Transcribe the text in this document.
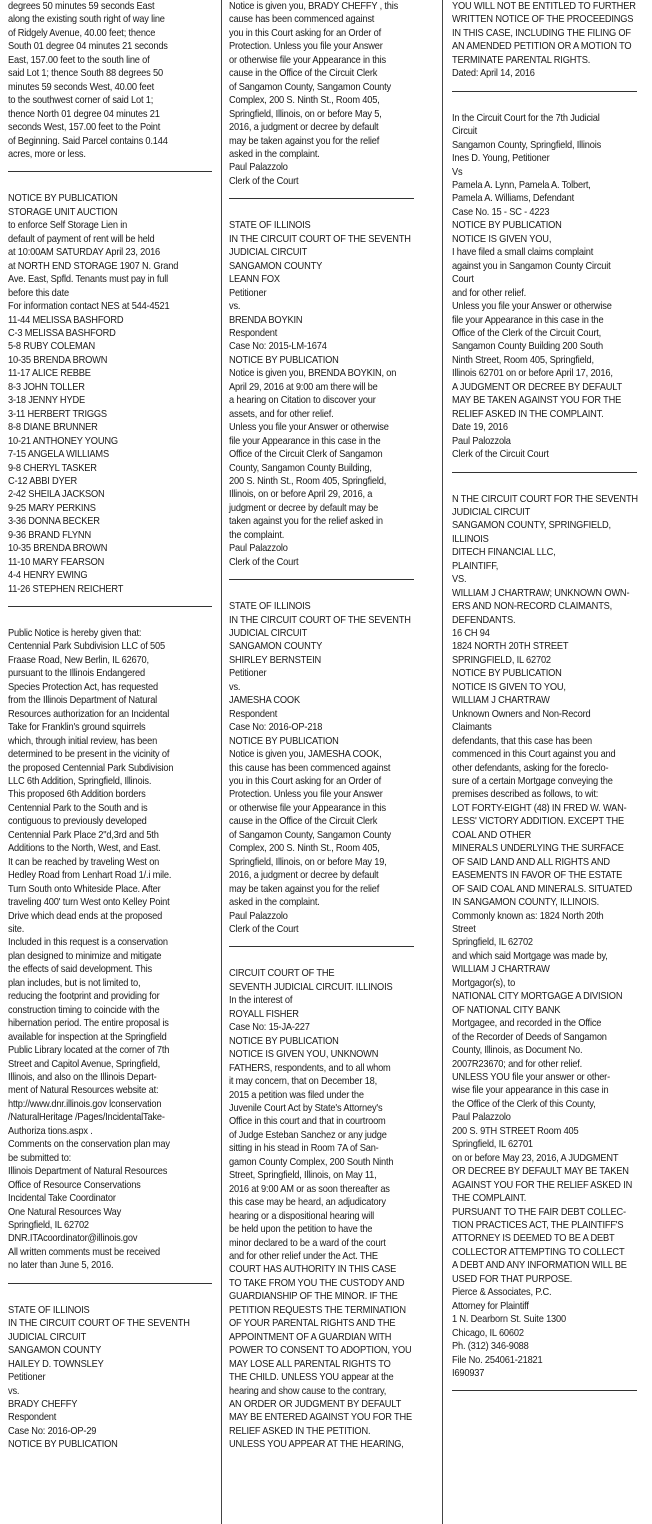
degrees 50 minutes 59 seconds East
along the existing south right of way line
of Ridgely Avenue, 40.00 feet; thence
South 01 degree 04 minutes 21 seconds
East, 157.00 feet to the south line of
said Lot 1; thence South 88 degrees 50
minutes 59 seconds West, 40.00 feet
to the southwest corner of said Lot 1;
thence North 01 degree 04 minutes 21
seconds West, 157.00 feet to the Point
of Beginning. Said Parcel contains 0.144
acres, more or less.
NOTICE BY PUBLICATION
STORAGE UNIT AUCTION
to enforce Self Storage Lien in
default of payment of rent will be held
at 10:00AM SATURDAY April 23, 2016
at NORTH END STORAGE 1907 N. Grand
Ave. East, Spfld. Tenants must pay in full
before this date
For information contact NES at 544-4521
11-44 MELISSA BASHFORD
C-3 MELISSA BASHFORD
5-8 RUBY COLEMAN
10-35 BRENDA BROWN
11-17 ALICE REBBE
8-3 JOHN TOLLER
3-18 JENNY HYDE
3-11 HERBERT TRIGGS
8-8 DIANE BRUNNER
10-21 ANTHONEY YOUNG
7-15 ANGELA WILLIAMS
9-8 CHERYL TASKER
C-12 ABBI DYER
2-42 SHEILA JACKSON
9-25 MARY PERKINS
3-36 DONNA BECKER
9-36 BRAND FLYNN
10-35 BRENDA BROWN
11-10 MARY FEARSON
4-4 HENRY EWING
11-26 STEPHEN REICHERT
Public Notice is hereby given that:
Centennial Park Subdivision LLC of 505
Fraase Road, New Berlin, IL 62670,
pursuant to the Illinois Endangered
Species Protection Act, has requested
from the Illinois Department of Natural
Resources authorization for an Incidental
Take for Franklin's ground squirrels
which, through initial review, has been
determined to be present in the vicinity of
the proposed Centennial Park Subdivision
LLC 6th Addition, Springfield, Illinois.
This proposed 6th Addition borders
Centennial Park to the South and is
contiguous to previously developed
Centennial Park Place 2"d,3rd and 5th
Additions to the North, West, and East.
It can be reached by traveling West on
Hedley Road from Lenhart Road 1/.i mile.
Turn South onto Whiteside Place. After
traveling 400' turn West onto Kelley Point
Drive which dead ends at the proposed
site.
Included in this request is a conservation
plan designed to minimize and mitigate
the effects of said development. This
plan includes, but is not limited to,
reducing the footprint and providing for
construction timing to coincide with the
hibernation period. The entire proposal is
available for inspection at the Springfield
Public Library located at the corner of 7th
Street and Capitol Avenue, Springfield,
Illinois, and also on the Illinois Depart-
ment of Natural Resources website at:
http://www.dnr.illinois.gov lconservation
/NaturalHeritage /Pages/IncidentalTake-
Authoriza tions.aspx .
Comments on the conservation plan may
be submitted to:
Illinois Department of Natural Resources
Office of Resource Conservations
Incidental Take Coordinator
One Natural Resources Way
Springfield, IL 62702
DNR.ITAcoordinator@illinois.gov
All written comments must be received
no later than June 5, 2016.
STATE OF ILLINOIS
IN THE CIRCUIT COURT OF THE SEVENTH
JUDICIAL CIRCUIT
SANGAMON COUNTY
HAILEY D. TOWNSLEY
Petitioner
vs.
BRADY CHEFFY
Respondent
Case No: 2016-OP-29
NOTICE BY PUBLICATION
Notice is given you, BRADY CHEFFY , this
cause has been commenced against
you in this Court asking for an Order of
Protection. Unless you file your Answer
or otherwise file your Appearance in this
cause in the Office of the Circuit Clerk
of Sangamon County, Sangamon County
Complex, 200 S. Ninth St., Room 405,
Springfield, Illinois, on or before May 5,
2016, a judgment or decree by default
may be taken against you for the relief
asked in the complaint.
Paul Palazzolo
Clerk of the Court
STATE OF ILLINOIS
IN THE CIRCUIT COURT OF THE SEVENTH
JUDICIAL CIRCUIT
SANGAMON COUNTY
LEANN FOX
Petitioner
vs.
BRENDA BOYKIN
Respondent
Case No: 2015-LM-1674
NOTICE BY PUBLICATION
Notice is given you, BRENDA BOYKIN, on
April 29, 2016 at 9:00 am there will be
a hearing on Citation to discover your
assets, and for other relief.
Unless you file your Answer or otherwise
file your Appearance in this case in the
Office of the Circuit Clerk of Sangamon
County, Sangamon County Building,
200 S. Ninth St., Room 405, Springfield,
Illinois, on or before April 29, 2016, a
judgment or decree by default may be
taken against you for the relief asked in
the complaint.
Paul Palazzolo
Clerk of the Court
STATE OF ILLINOIS
IN THE CIRCUIT COURT OF THE SEVENTH
JUDICIAL CIRCUIT
SANGAMON COUNTY
SHIRLEY BERNSTEIN
Petitioner
vs.
JAMESHA COOK
Respondent
Case No: 2016-OP-218
NOTICE BY PUBLICATION
Notice is given you, JAMESHA COOK,
this cause has been commenced against
you in this Court asking for an Order of
Protection. Unless you file your Answer
or otherwise file your Appearance in this
cause in the Office of the Circuit Clerk
of Sangamon County, Sangamon County
Complex, 200 S. Ninth St., Room 405,
Springfield, Illinois, on or before May 19,
2016, a judgment or decree by default
may be taken against you for the relief
asked in the complaint.
Paul Palazzolo
Clerk of the Court
CIRCUIT COURT OF THE
SEVENTH JUDICIAL CIRCUIT. ILLINOIS
In the interest of
ROYALL FISHER
Case No: 15-JA-227
NOTICE BY PUBLICATION
NOTICE IS GIVEN YOU, UNKNOWN
FATHERS, respondents, and to all whom
it may concern, that on December 18,
2015 a petition was filed under the
Juvenile Court Act by State's Attorney's
Office in this court and that in courtroom
of Judge Esteban Sanchez or any judge
sitting in his stead in Room 7A of San-
gamon County Complex, 200 South Ninth
Street, Springfield, Illinois, on May 11,
2016 at 9:00 AM or as soon thereafter as
this case may be heard, an adjudicatory
hearing or a dispositional hearing will
be held upon the petition to have the
minor declared to be a ward of the court
and for other relief under the Act. THE
COURT HAS AUTHORITY IN THIS CASE
TO TAKE FROM YOU THE CUSTODY AND
GUARDIANSHIP OF THE MINOR. IF THE
PETITION REQUESTS THE TERMINATION
OF YOUR PARENTAL RIGHTS AND THE
APPOINTMENT OF A GUARDIAN WITH
POWER TO CONSENT TO ADOPTION, YOU
MAY LOSE ALL PARENTAL RIGHTS TO
THE CHILD. UNLESS YOU appear at the
hearing and show cause to the contrary,
AN ORDER OR JUDGMENT BY DEFAULT
MAY BE ENTERED AGAINST YOU FOR THE
RELIEF ASKED IN THE PETITION.
UNLESS YOU APPEAR AT THE HEARING,
YOU WILL NOT BE ENTITLED TO FURTHER
WRITTEN NOTICE OF THE PROCEEDINGS
IN THIS CASE, INCLUDING THE FILING OF
AN AMENDED PETITION OR A MOTION TO
TERMINATE PARENTAL RIGHTS.
Dated: April 14, 2016
In the Circuit Court for the 7th Judicial
Circuit
Sangamon County, Springfield, Illinois
Ines D. Young, Petitioner
Vs
Pamela A. Lynn, Pamela A. Tolbert,
Pamela A. Williams, Defendant
Case No. 15 - SC - 4223
NOTICE BY PUBLICATION
NOTICE IS GIVEN YOU,
I have filed a small claims complaint
against you in Sangamon County Circuit
Court
and for other relief.
Unless you file your Answer or otherwise
file your Appearance in this case in the
Office of the Clerk of the Circuit Court,
Sangamon County Building 200 South
Ninth Street, Room 405, Springfield,
Illinois 62701 on or before April 17, 2016,
A JUDGMENT OR DECREE BY DEFAULT
MAY BE TAKEN AGAINST YOU FOR THE
RELIEF ASKED IN THE COMPLAINT.
Date 19, 2016
Paul Palozzola
Clerk of the Circuit Court
N THE CIRCUIT COURT FOR THE SEVENTH
JUDICIAL CIRCUIT
SANGAMON COUNTY, SPRINGFIELD,
ILLINOIS
DITECH FINANCIAL LLC,
PLAINTIFF,
VS.
WILLIAM J CHARTRAW; UNKNOWN OWN-
ERS AND NON-RECORD CLAIMANTS,
DEFENDANTS.
16 CH 94
1824 NORTH 20TH STREET
SPRINGFIELD, IL 62702
NOTICE BY PUBLICATION
NOTICE IS GIVEN TO YOU,
WILLIAM J CHARTRAW
Unknown Owners and Non-Record
Claimants
defendants, that this case has been
commenced in this Court against you and
other defendants, asking for the foreclo-
sure of a certain Mortgage conveying the
premises described as follows, to wit:
LOT FORTY-EIGHT (48) IN FRED W. WAN-
LESS' VICTORY ADDITION. EXCEPT THE
COAL AND OTHER
MINERALS UNDERLYING THE SURFACE
OF SAID LAND AND ALL RIGHTS AND
EASEMENTS IN FAVOR OF THE ESTATE
OF SAID COAL AND MINERALS. SITUATED
IN SANGAMON COUNTY, ILLINOIS.
Commonly known as: 1824 North 20th
Street
Springfield, IL 62702
and which said Mortgage was made by,
WILLIAM J CHARTRAW
Mortgagor(s), to
NATIONAL CITY MORTGAGE A DIVISION
OF NATIONAL CITY BANK
Mortgagee, and recorded in the Office
of the Recorder of Deeds of Sangamon
County, Illinois, as Document No.
2007R23670; and for other relief.
UNLESS YOU file your answer or other-
wise file your appearance in this case in
the Office of the Clerk of this County,
Paul Palazzolo
200 S. 9TH STREET Room 405
Springfield, IL 62701
on or before May 23, 2016, A JUDGMENT
OR DECREE BY DEFAULT MAY BE TAKEN
AGAINST YOU FOR THE RELIEF ASKED IN
THE COMPLAINT.
PURSUANT TO THE FAIR DEBT COLLEC-
TION PRACTICES ACT, THE PLAINTIFF'S
ATTORNEY IS DEEMED TO BE A DEBT
COLLECTOR ATTEMPTING TO COLLECT
A DEBT AND ANY INFORMATION WILL BE
USED FOR THAT PURPOSE.
Pierce & Associates, P.C.
Attorney for Plaintiff
1 N. Dearborn St. Suite 1300
Chicago, IL 60602
Ph. (312) 346-9088
File No. 254061-21821
I690937
